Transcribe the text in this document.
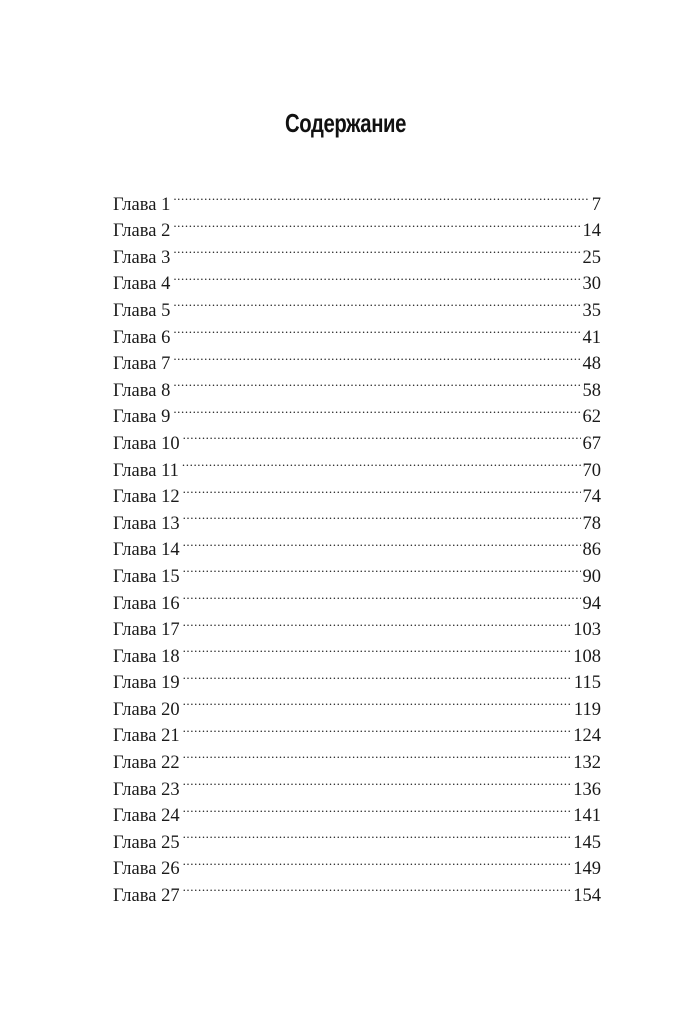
Содержание
Глава 1 .....	7
Глава 2 .....	14
Глава 3 .....	25
Глава 4 .....	30
Глава 5 .....	35
Глава 6 .....	41
Глава 7 .....	48
Глава 8 .....	58
Глава 9 .....	62
Глава 10 .....	67
Глава 11 .....	70
Глава 12 .....	74
Глава 13 .....	78
Глава 14 .....	86
Глава 15 .....	90
Глава 16 .....	94
Глава 17 .....	103
Глава 18 .....	108
Глава 19 .....	115
Глава 20 .....	119
Глава 21 .....	124
Глава 22 .....	132
Глава 23 .....	136
Глава 24 .....	141
Глава 25 .....	145
Глава 26 .....	149
Глава 27 .....	154
